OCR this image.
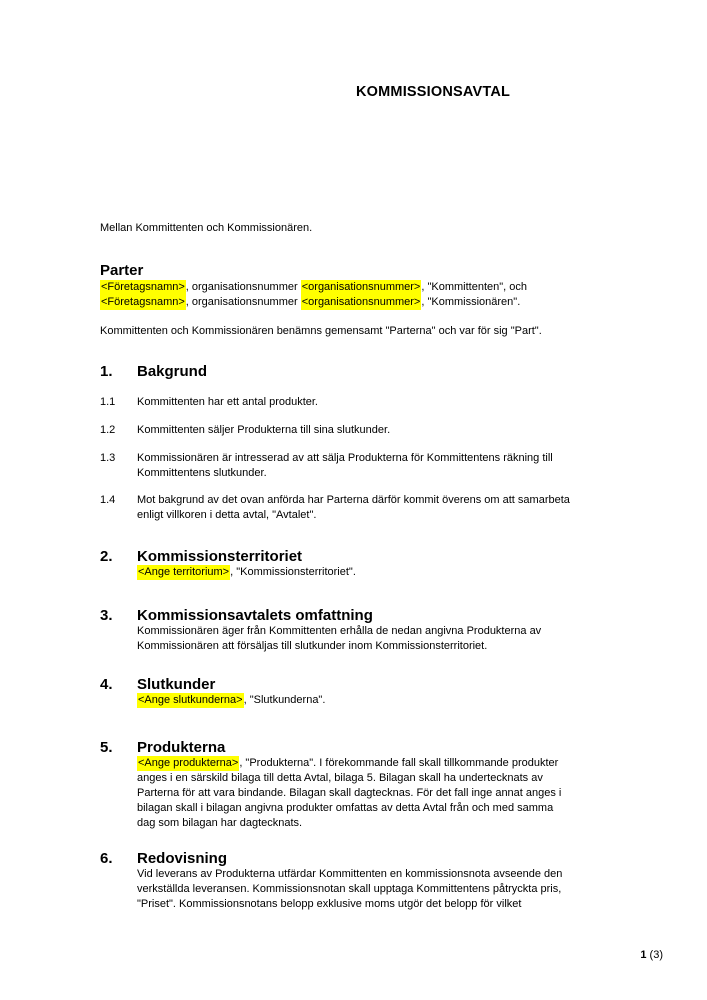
KOMMISSIONSAVTAL
Mellan Kommittenten och Kommissionären.
Parter
<Företagsnamn>, organisationsnummer <organisationsnummer>, "Kommittenten", och
<Företagsnamn>, organisationsnummer <organisationsnummer>, "Kommissionären".
Kommittenten och Kommissionären benämns gemensamt "Parterna" och var för sig "Part".
1. Bakgrund
1.1 Kommittenten har ett antal produkter.
1.2 Kommittenten säljer Produkterna till sina slutkunder.
1.3 Kommissionären är intresserad av att sälja Produkterna för Kommittentens räkning till
Kommittentens slutkunder.
1.4 Mot bakgrund av det ovan anförda har Parterna därför kommit överens om att samarbeta
enligt villkoren i detta avtal, "Avtalet".
2. Kommissionsterritoriet
<Ange territorium>, "Kommissionsterritoriet".
3. Kommissionsavtalets omfattning
Kommissionären äger från Kommittenten erhålla de nedan angivna Produkterna av
Kommissionären att försäljas till slutkunder inom Kommissionsterritoriet.
4. Slutkunder
<Ange slutkunderna>, "Slutkunderna".
5. Produkterna
<Ange produkterna>, "Produkterna". I förekommande fall skall tillkommande produkter
anges i en särskild bilaga till detta Avtal, bilaga 5. Bilagan skall ha undertecknats av
Parterna för att vara bindande. Bilagan skall dagtecknas. För det fall inge annat anges i
bilagan skall i bilagan angivna produkter omfattas av detta Avtal från och med samma
dag som bilagan har dagtecknats.
6. Redovisning
Vid leverans av Produkterna utfärdar Kommittenten en kommissionsnota avseende den
verkställda leveransen. Kommissionsnotan skall upptaga Kommittentens påtryckta pris,
"Priset". Kommissionsnotans belopp exklusive moms utgör det belopp för vilket
1 (3)
